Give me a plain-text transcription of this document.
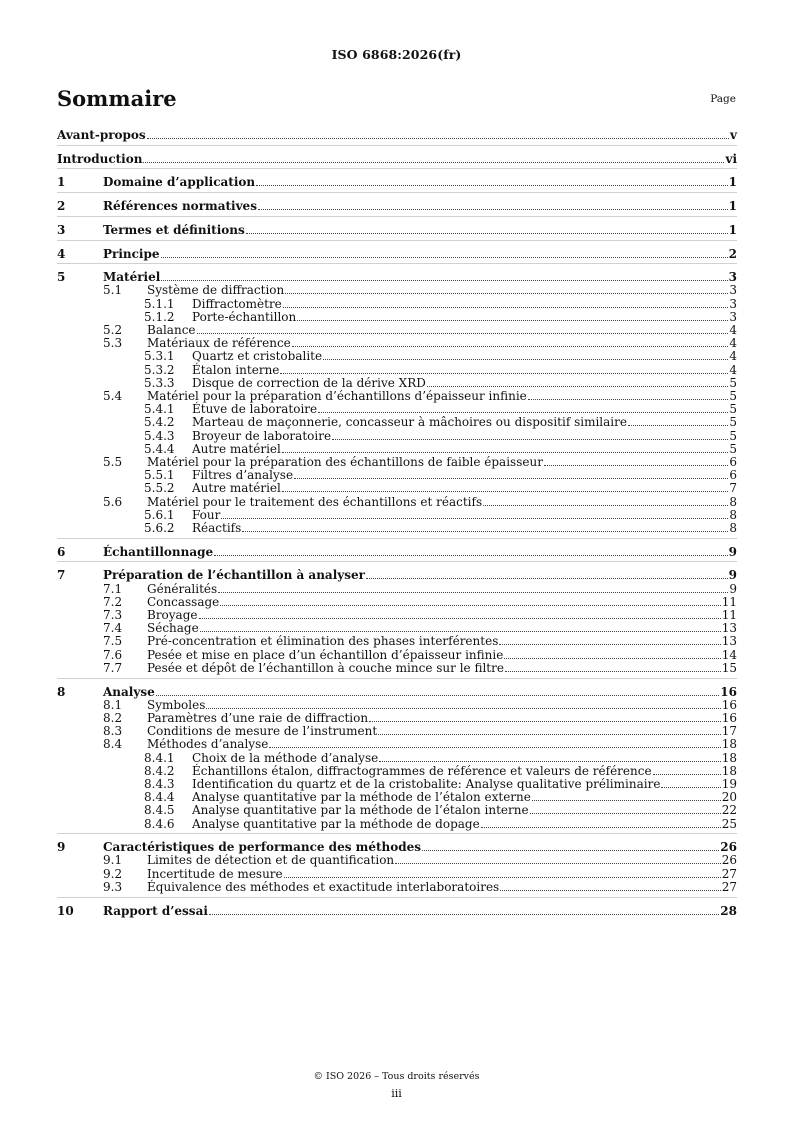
ISO 6868:2026(fr)
Sommaire	Page
Avant-propos	v
Introduction	vi
1	Domaine d’application	1
2	Références normatives	1
3	Termes et définitions	1
4	Principe	2
5	Matériel	3
5.1	Système de diffraction	3
5.1.1	Diffractomètre	3
5.1.2	Porte-échantillon	3
5.2	Balance	4
5.3	Matériaux de référence	4
5.3.1	Quartz et cristobalite	4
5.3.2	Étalon interne	4
5.3.3	Disque de correction de la dérive XRD	5
5.4	Matériel pour la préparation d’échantillons d’épaisseur infinie	5
5.4.1	Étuve de laboratoire	5
5.4.2	Marteau de maçonnerie, concasseur à mâchoires ou dispositif similaire	5
5.4.3	Broyeur de laboratoire	5
5.4.4	Autre matériel	5
5.5	Matériel pour la préparation des échantillons de faible épaisseur	6
5.5.1	Filtres d’analyse	6
5.5.2	Autre matériel	7
5.6	Matériel pour le traitement des échantillons et réactifs	8
5.6.1	Four	8
5.6.2	Réactifs	8
6	Échantillonnage	9
7	Préparation de l’échantillon à analyser	9
7.1	Généralités	9
7.2	Concassage	11
7.3	Broyage	11
7.4	Séchage	13
7.5	Pré-concentration et élimination des phases interférentes	13
7.6	Pesée et mise en place d’un échantillon d’épaisseur infinie	14
7.7	Pesée et dépôt de l’échantillon à couche mince sur le filtre	15
8	Analyse	16
8.1	Symboles	16
8.2	Paramètres d’une raie de diffraction	16
8.3	Conditions de mesure de l’instrument	17
8.4	Méthodes d’analyse	18
8.4.1	Choix de la méthode d’analyse	18
8.4.2	Échantillons étalon, diffractogrammes de référence et valeurs de référence	18
8.4.3	Identification du quartz et de la cristobalite: Analyse qualitative préliminaire	19
8.4.4	Analyse quantitative par la méthode de l’étalon externe	20
8.4.5	Analyse quantitative par la méthode de l’étalon interne	22
8.4.6	Analyse quantitative par la méthode de dopage	25
9	Caractéristiques de performance des méthodes	26
9.1	Limites de détection et de quantification	26
9.2	Incertitude de mesure	27
9.3	Équivalence des méthodes et exactitude interlaboratoires	27
10	Rapport d’essai	28
© ISO 2026 – Tous droits réservés
iii
